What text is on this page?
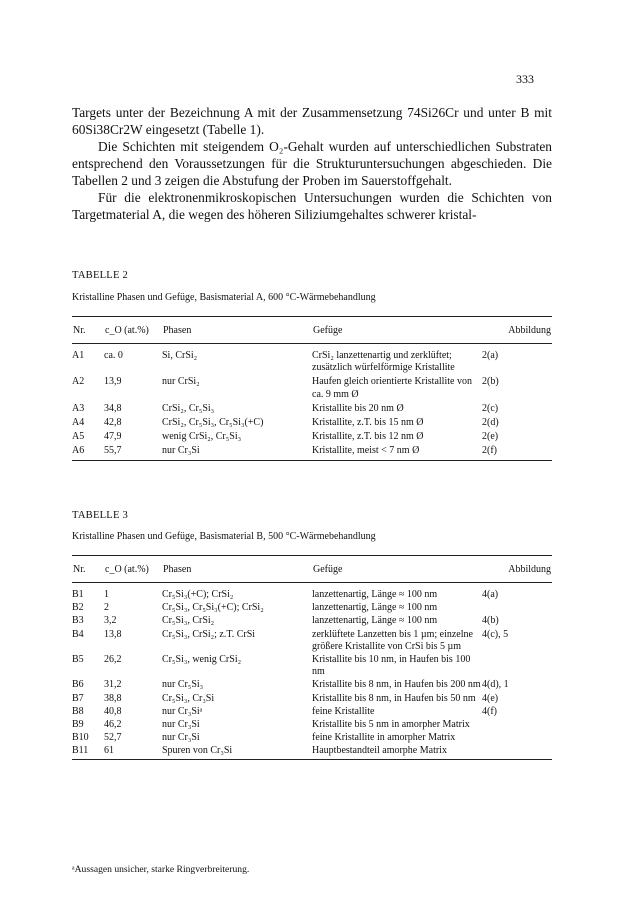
333

Targets unter der Bezeichnung A mit der Zusammensetzung 74Si26Cr und unter B mit 60Si38Cr2W eingesetzt (Tabelle 1).

Die Schichten mit steigendem O₂-Gehalt wurden auf unterschiedlichen Substraten entsprechend den Voraussetzungen für die Strukturuntersuchungen abgeschieden. Die Tabellen 2 und 3 zeigen die Abstufung der Proben im Sauerstoffgehalt.

Für die elektronenmikroskopischen Untersuchungen wurden die Schichten von Targetmaterial A, die wegen des höheren Siliziumgehaltes schwerer kristal-

TABELLE 2
Kristalline Phasen und Gefüge, Basismaterial A, 600 °C-Wärmebehandlung
Nr.	c_O (at.%)	Phasen	Gefüge	Abbildung
A1	ca. 0	Si, CrSi₂	CrSi₂ lanzettenartig und zerklüftet; zusätzlich würfelförmige Kristallite	2(a)
A2	13,9	nur CrSi₂	Haufen gleich orientierte Kristallite von ca. 9 mm Ø	2(b)
A3	34,8	CrSi₂, Cr₅Si₃	Kristallite bis 20 nm Ø	2(c)
A4	42,8	CrSi₂, Cr₅Si₃, Cr₅Si₃(+C)	Kristallite, z.T. bis 15 nm Ø	2(d)
A5	47,9	wenig CrSi₂, Cr₅Si₃	Kristallite, z.T. bis 12 nm Ø	2(e)
A6	55,7	nur Cr₃Si	Kristallite, meist < 7 nm Ø	2(f)
TABELLE 3
Kristalline Phasen und Gefüge, Basismaterial B, 500 °C-Wärmebehandlung
Nr.	c_O (at.%)	Phasen	Gefüge	Abbildung
B1	1	Cr₅Si₃(+C); CrSi₂	lanzettenartig, Länge ≈ 100 nm	4(a)
B2	2	Cr₅Si₃, Cr₅Si₃(+C); CrSi₂	lanzettenartig, Länge ≈ 100 nm	
B3	3,2	Cr₅Si₃, CrSi₂	lanzettenartig, Länge ≈ 100 nm	4(b)
B4	13,8	Cr₅Si₃, CrSi₂; z.T. CrSi	zerklüftete Lanzetten bis 1 µm; einzelne größere Kristallite von CrSi bis 5 µm	4(c), 5
B5	26,2	Cr₅Si₃, wenig CrSi₂	Kristallite bis 10 nm, in Haufen bis 100 nm	
B6	31,2	nur Cr₅Si₃	Kristallite bis 8 nm, in Haufen bis 200 nm	4(d), 1
B7	38,8	Cr₅Si₃, Cr₃Si	Kristallite bis 8 nm, in Haufen bis 50 nm	4(e)
B8	40,8	nur Cr₃Siᵃ	feine Kristallite	4(f)
B9	46,2	nur Cr₃Si	Kristallite bis 5 nm in amorpher Matrix	
B10	52,7	nur Cr₃Si	feine Kristallite in amorpher Matrix	
B11	61	Spuren von Cr₃Si	Hauptbestandteil amorphe Matrix	
ᵃAussagen unsicher, starke Ringverbreiterung.
